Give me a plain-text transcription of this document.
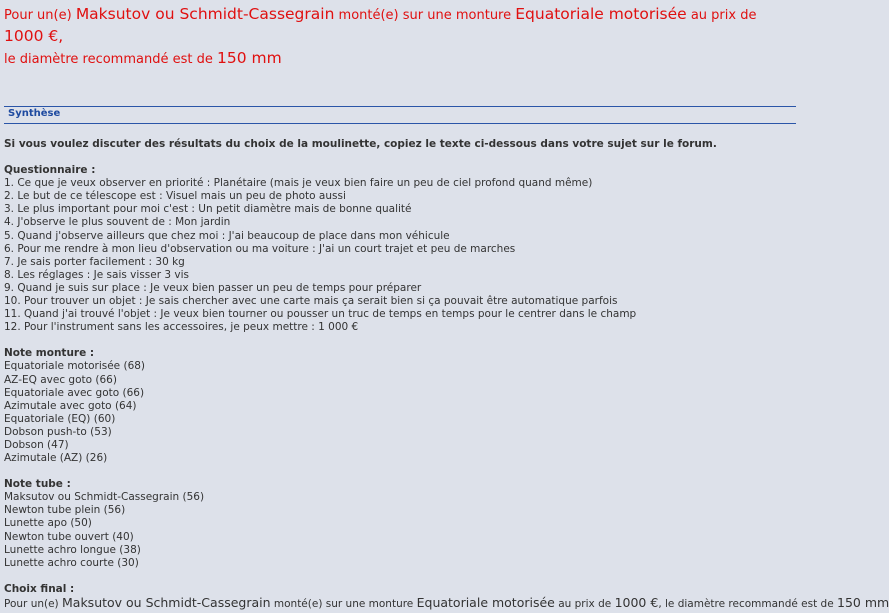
Pour un(e) Maksutov ou Schmidt-Cassegrain monté(e) sur une monture Equatoriale motorisée au prix de 1000 €,
le diamètre recommandé est de 150 mm
Synthèse
Si vous voulez discuter des résultats du choix de la moulinette, copiez le texte ci-dessous dans votre sujet sur le forum.
Questionnaire :
1. Ce que je veux observer en priorité : Planétaire (mais je veux bien faire un peu de ciel profond quand même)
2. Le but de ce télescope est : Visuel mais un peu de photo aussi
3. Le plus important pour moi c'est : Un petit diamètre mais de bonne qualité
4. J'observe le plus souvent de : Mon jardin
5. Quand j'observe ailleurs que chez moi : J'ai beaucoup de place dans mon véhicule
6. Pour me rendre à mon lieu d'observation ou ma voiture : J'ai un court trajet et peu de marches
7. Je sais porter facilement : 30 kg
8. Les réglages : Je sais visser 3 vis
9. Quand je suis sur place : Je veux bien passer un peu de temps pour préparer
10. Pour trouver un objet : Je sais chercher avec une carte mais ça serait bien si ça pouvait être automatique parfois
11. Quand j'ai trouvé l'objet : Je veux bien tourner ou pousser un truc de temps en temps pour le centrer dans le champ
12. Pour l'instrument sans les accessoires, je peux mettre : 1 000 €
Note monture :
Equatoriale motorisée (68)
AZ-EQ avec goto (66)
Equatoriale avec goto (66)
Azimutale avec goto (64)
Equatoriale (EQ) (60)
Dobson push-to (53)
Dobson (47)
Azimutale (AZ) (26)
Note tube :
Maksutov ou Schmidt-Cassegrain (56)
Newton tube plein (56)
Lunette apo (50)
Newton tube ouvert (40)
Lunette achro longue (38)
Lunette achro courte (30)
Choix final :
Pour un(e) Maksutov ou Schmidt-Cassegrain monté(e) sur une monture Equatoriale motorisée au prix de 1000 €, le diamètre recommandé est de 150 mm
